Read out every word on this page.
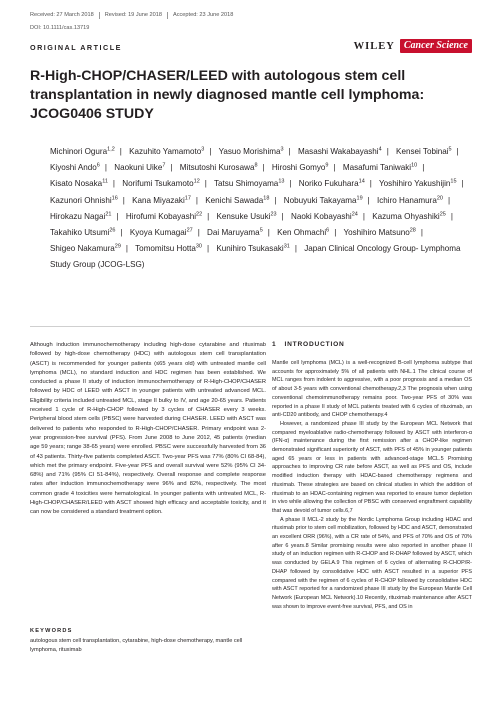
Received: 27 March 2018 Revised: 19 June 2018 Accepted: 23 June 2018
DOI: 10.1111/cas.13719
ORIGINAL ARTICLE	WILEY Cancer Science
R-High-CHOP/CHASER/LEED with autologous stem cell transplantation in newly diagnosed mantle cell lymphoma: JCOG0406 STUDY
Michinori Ogura$^{1,2}$ | Kazuhito Yamamoto$^3$ | Yasuo Morishima$^3$ | Masashi Wakabayashi$^4$ | Kensei Tobinai$^5$ | Kiyoshi Ando$^6$ | Naokuni Uike$^7$ | Mitsutoshi Kurosawa$^8$ | Hiroshi Gomyo$^9$ | Masafumi Taniwaki$^{10}$ | Kisato Nosaka$^{11}$ | Norifumi Tsukamoto$^{12}$ | Tatsu Shimoyama$^{13}$ | Noriko Fukuhara$^{14}$ | Yoshihiro Yakushijin$^{15}$ | Kazunori Ohnishi$^{16}$ | Kana Miyazaki$^{17}$ | Kenichi Sawada$^{18}$ | Nobuyuki Takayama$^{19}$ | Ichiro Hanamura$^{20}$ | Hirokazu Nagai$^{21}$ | Hirofumi Kobayashi$^{22}$ | Kensuke Usuki$^{23}$ | Naoki Kobayashi$^{24}$ | Kazuma Ohyashiki$^{25}$ | Takahiko Utsumi$^{26}$ | Kyoya Kumagai$^{27}$ | Dai Maruyama$^5$ | Ken Ohmachi$^6$ | Yoshihiro Matsuno$^{28}$ | Shigeo Nakamura$^{29}$ | Tomomitsu Hotta$^{30}$ | Kunihiro Tsukasaki$^{31}$ | Japan Clinical Oncology Group- Lymphoma Study Group (JCOG-LSG)
Although induction immunochemotherapy including high-dose cytarabine and rituximab followed by high-dose chemotherapy (HDC) with autologous stem cell transplantation (ASCT) is recommended for younger patients (≤65 years old) with untreated mantle cell lymphoma (MCL), no standard induction and HDC regimen has been established. We conducted a phase II study of induction immunochemotherapy of R-High-CHOP/CHASER followed by HDC of LEED with ASCT in younger patients with untreated advanced MCL. Eligibility criteria included untreated MCL, stage II bulky to IV, and age 20-65 years. Patients received 1 cycle of R-High-CHOP followed by 3 cycles of CHASER every 3 weeks. Peripheral blood stem cells (PBSC) were harvested during CHASER. LEED with ASCT was delivered to patients who responded to R-High-CHOP/CHASER. Primary endpoint was 2-year progression-free survival (PFS). From June 2008 to June 2012, 45 patients (median age 59 years; range 38-65 years) were enrolled. PBSC were successfully harvested from 36 of 43 patients. Thirty-five patients completed ASCT. Two-year PFS was 77% (80% CI 68-84), which met the primary endpoint. Five-year PFS and overall survival were 52% (95% CI 34-68%) and 71% (95% CI 51-84%), respectively. Overall response and complete response rates after induction immunochemotherapy were 96% and 82%, respectively. The most common grade 4 toxicities were hematological. In younger patients with untreated MCL, R-High-CHOP/CHASER/LEED with ASCT showed high efficacy and acceptable toxicity, and it can now be considered a standard treatment option.
KEYWORDS
autologous stem cell transplantation, cytarabine, high-dose chemotherapy, mantle cell lymphoma, rituximab
1 INTRODUCTION

Mantle cell lymphoma (MCL) is a well-recognized B-cell lymphoma subtype that accounts for approximately 5% of all patients with NHL.1 The clinical course of MCL ranges from indolent to aggressive, with a poor prognosis and a median OS of about 3-5 years with conventional chemotherapy.2,3 The prognosis when using conventional chemoimmunotherapy remains poor. Two-year PFS of 30% was reported in a phase II study of MCL patients treated with 6 cycles of rituximab, an anti-CD20 antibody, and CHOP chemotherapy.4

However, a randomized phase III study by the European MCL Network that compared myeloablative radio-chemotherapy followed by ASCT with interferon-α (IFN-α) maintenance during the first remission after a CHOP-like regimen demonstrated significant superiority of ASCT, with PFS of 45% in younger patients aged 65 years or less in patients with advanced-stage MCL.5 Promising approaches to improving CR rate before ASCT, as well as PFS and OS, include modified induction therapy with HDAC-based chemotherapy regimens and rituximab. These strategies are based on clinical studies in which the addition of rituximab to an HDAC-containing regimen was reported to ensure tumor depletion in vivo while allowing the collection of PBSC with conserved engraftment capability that was devoid of tumor cells.6,7

A phase II MCL-2 study by the Nordic Lymphoma Group including HDAC and rituximab prior to stem cell mobilization, followed by HDC and ASCT, demonstrated an excellent ORR (96%), with a CR rate of 54%, and PFS of 70% and OS of 70% after 6 years.8 Similar promising results were also reported in another phase II study of an induction regimen with R-CHOP and R-DHAP followed by ASCT, which was conducted by GELA.9 This regimen of 6 cycles of alternating R-CHOP/R-DHAP followed by consolidative HDC with ASCT resulted in a superior PFS compared with the regimen of 6 cycles of R-CHOP followed by consolidative HDC with ASCT reported for a randomized phase III study by the European Mantle Cell Network (European MCL Network).10 Recently, rituximab maintenance after ASCT was shown to improve event-free survival, PFS, and OS in
